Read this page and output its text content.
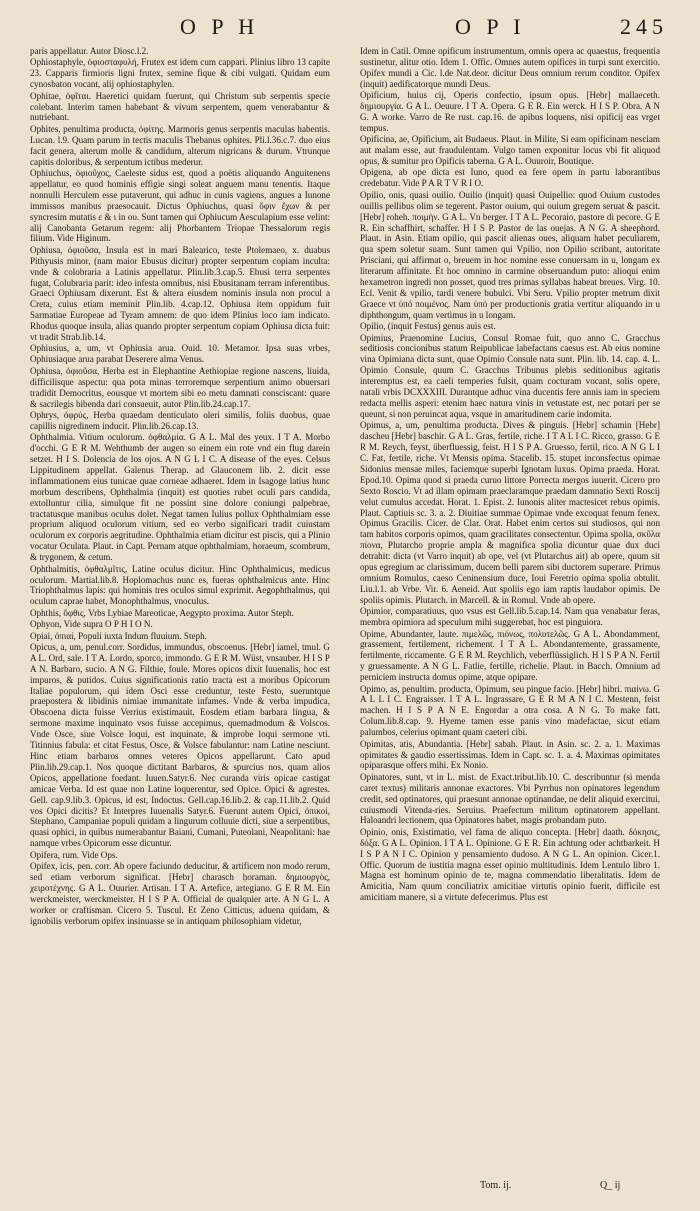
O P H	O P I	245

paris appellatur. Autor Diosc.l.2.

Ophiostaphyle, ὀφιοσταφυλή, Frutex est idem cum cappari. Plinius libro 13 capite 23. Capparis firmioris ligni frutex, semine fique & cibi vulgati. Quidam eum cynosbaton vocant, alij ophiostaphylen.

Ophitae, ὀφῖται. Haeretici quidam fuerunt, qui Christum sub serpentis specie colebant. Interim tamen habebant & vivum serpentem, quem venerabantur & nutriebant.

Ophites, penultima producta, ὀφίτης. Marmoris genus serpentis maculas habentis. Lucan. l.9. Quam parum in tectis maculis Thebanus ophites. Pli.l.36.c.7. duo eius facit genera, alterum molle & candidum, alterum nigricans & durum. Vtrunque capitis doloribus, & serpentum ictibus mederur.

Ophiuchus, ὀφιοῦχος, Caeleste sidus est, quod a poëtis aliquando Anguitenens appellatur, eo quod hominis effigie singi soleat anguem manu tenentis. Itaque nonnulli Herculem esse putaverunt, qui adhuc in cunis vagiens, angues a Iunone immissos manibus praesocauit. Dictus Ophiuchus, quasi ὄφιν ἔχων & per syncresim mutatis ε & ι in ου. Sunt tamen qui Ophiucum Aesculapium esse velint: alij Canobanta Getarum regem: alij Phorbantem Triopae Thessalorum regis filium. Vide Higinum.

Ophiusa, ὀφιοῦσα, Insula est in mari Balearico, teste Ptolemaeo, x. duabus Pithyusis minor, (nam maior Ebusus dicitur) propter serpentum copiam inculta: vnde & colobraria a Latinis appellatur. Plin.lib.3.cap.5. Ebusi terra serpentes fugat, Colubraria parit: ideo infesta omnibus, nisi Ebusitanam terram inferentibus. Graeci Ophiusam dixerunt. Est & altera eiusdem nominis insula non procul a Creta, cuius etiam meminit Plin.lib. 4.cap.12. Ophiusa item oppidum fuit Sarmatiae Europeae ad Tyram amnem: de quo idem Plinius loco iam indicato. Rhodus quoque insula, alias quando propter serpentum copiam Ophiusa dicta fuit: vt tradit Strab.lib.14.

Ophiusius, a, um, vt Ophiusia arua. Ouid. 10. Metamor. Ipsa suas vrbes, Ophiusiaque arua parabat Deserere alma Venus.

Ophiusa, ὀφιοῦσα, Herba est in Elephantine Aethiopiae regione nascens, liuida, difficilisque aspectu: qua pota minas terroremque serpentium animo obuersari tradidit Democritus, eousque vt mortem sibi eo metu damnati consciscant: quare & sacrilegis bibenda dari consueuit, autor Plin.lib.24.cap.17.

Ophrys, ὀφρύς, Herba quaedam denticulato oleri similis, foliis duobus, quae capillis nigredinem inducit. Plin.lib.26.cap.13.

Ophthalmia. Vitium oculorum. ὀφθαλμία. G A L. Mal des yeux. I T A. Morbo d'occhi. G E R M. Wehthumb der augen so einem ein rote vnd ein flug darein setzet. H I S. Dolencia de los ojos. A N G L I C. A disease of the eyes. Celsus Lippitudinem appellat. Galenus Therap. ad Glauconem lib. 2. dicit esse inflammationem eius tunicae quae corneae adhaeret. Idem in Isagoge latius hunc morbum describens, Ophthalmia (inquit) est quoties rubet oculi pars candida, extolluntur cilia, simulque fit ne possint sine dolore coniungi palpebrae, tractatusque manibus oculus dolet. Negat tamen Iulius pollux Ophthalmiam esse proprium aliquod oculorum vitium, sed eo verbo significari tradit cuiustam oculorum ex corporis aegritudine. Ophthalmia etiam dicitur est piscis, qui a Plinio vocatur Oculata. Plaut. in Capt. Pernam atque ophthalmiam, horaeum, scombrum, & trygonem, & cetum.

Ophthalmitis, ὀφθαλμῖτις, Latine oculus dicitur. Hinc Ophthalmicus, medicus oculorum. Martial.lib.8. Hoplomachus nunc es, fueras ophthalmicus ante. Hinc Triophthalmus lapis: qui hominis tres oculos simul exprimit. Aegophthalmus, qui oculum caprae habet, Monophthalmus, vnoculus.

Ophthis, ὄφθις, Vrbs Lybiae Mareoticae, Aegypto proxima. Autor Steph.

Ophyon, Vide supra O P H I O N.

Opiai, ὀπιαί, Populi iuxta Indum fluuium. Steph.

Opicus, a, um, penul.corr. Sordidus, immundus, obscoenus. [Hebr] iamel, tmul. G A L. Ord, sale. I T A. Lordo, sporco, immondo. G E R M. Wüst, vnsauber. H I S P A N. Barbaro, sucio. A N G. Filthie, foule. Mores opicos dixit Iuuenalis, hoc est impuros, & putidos. Cuius significationis ratio tracta est a moribus Opicorum Italiae populorum, qui idem Osci esse creduntur, teste Festo, sueruntque praepostera & libidinis nimiae immanitate infames. Vnde & verba impudica, Obscoena dicta fuisse Verrius existimauit. Eosdem etiam barbara lingua, & sermone maxime inquinato vsos fuisse accepimus, quemadmodum & Volscos. Vnde Osce, siue Volsce loqui, est inquinate, & improbe loqui sermone vti. Titinnius fabula: et citat Festus, Osce, & Volsce fabulantur: nam Latine nesciunt. Hinc etiam barbaros omnes veteres Opicos appellarunt. Cato apud Plin.lib.29.cap.1. Nos quoque dictitant Barbaros, & spurcius nos, quam alios Opicos, appellatione foedant. Iuuen.Satyr.6. Nec curanda viris opicae castigat amicae Verba. Id est quae non Latine loquerentur, sed Opice. Opici & agrestes. Gell. cap.9.lib.3. Opicus, id est, Indoctus. Gell.cap.16.lib.2. & cap.11.lib.2. Quid vos Opici dicitis? Et Interpres Iuuenalis Satyr.6. Fuerunt autem Opici, ὀπικοί, Stephano, Campaniae populi quidam a lingurum colluuie dicti, siue a serpentibus, quasi ophici, in quibus numerabantur Baiani, Cumani, Puteolani, Neapolitani: hae namque vrbes Opicorum esse dicuntur.

Opifera, rum. Vide Ops.

Opifex, icis, pen. corr. Ab opere faciundo deducitur, & artificem non modo rerum, sed etiam verborum significat. [Hebr] charasch ḥoraman. δημιουργὸς, χειροτέχνης. G A L. Ouurier. Artisan. I T A. Artefice, artegiano. G E R M. Ein werckmeister, werckmeister. H I S P A. Official de qualquier arte. A N G L. A worker or craftisman. Cicero 5. Tuscul. Et Zeno Citticus, aduena quidam, & ignobilis verborum opifex insinuasse se in antiquam philosophiam videtur,

Idem in Catil. Omne opificum instrumentum, omnis opera ac quaestus, frequentia sustinetur, alitur otio. Idem 1. Offic. Omnes autem opifices in turpi sunt exercitio. Opifex mundi a Cic. l.de Nat.deor. dicitur Deus omnium rerum conditor. Opifex (inquit) aedificatorque mundi Deus.

Opificium, huius cij, Operis confectio, ipsum opus. [Hebr] mallaeceth. δημιουργία. G A L. Oeuure. I T A. Opera. G E R. Ein werck. H I S P. Obra. A N G. A worke. Varro de Re rust. cap.16. de apibus loquens, nisi opificij eas vrget tempus.

Opificina, ae, Opificium, ait Budaeus. Plaut. in Milite, Si eam opificinam nesciam aut malam esse, aut fraudulentam. Vulgo tamen exponitur locus vbi fit aliquod opus, & sumitur pro Opificis taberna. G A L. Ouuroir, Boutique.

Opigena, ab ope dicta est Iuno, quod ea fere opem in partu laborantibus credebatur. Vide P A R T V R I O.

Opilio, onis, quasi ouilio. Ouilio (inquit) quasi Ouipellio: quod Ouium custodes ouillis pellibus olim se tegerent. Pastor ouium, qui ouium gregem seruat & pascit. [Hebr] roheh. ποιμὴν. G A L. Vn berger. I T A L. Pecoraio, pastore di pecore. G E R. Ein schaffhirt, schaffer. H I S P. Pastor de las ouejas. A N G. A sheephord. Plaut. in Asin. Etiam opilio, qui pascit alienas oues, aliquam habet peculiarem, qua spem soletur suam. Sunt tamen qui Vpilio, non Opilio scribant, autoritate Prisciani, qui affirmat o, breuem in hoc nomine esse conuersam in u, longam ex literarum affinitate. Et hoc omnino in carmine obseruandum puto: alioqui enim hexametron ingredi non posset, quod tres primas syllabas habeat breues. Virg. 10. Ecl. Venit & vpilio, tardi venere bubulci. Vbi Seru. Vpilio propter metrum dixit Graece vt ὑπό ποιμένος. Nam ὑπό per productionis gratia vertitur aliquando in u diphthongum, quam vertimus in u longam.

Opilio, (inquit Festus) genus auis est.

Opimius, Praenomine Lucius, Consul Romae fuit, quo anno C. Gracchus seditiosis concionibus statum Reipublicae labefactans caesus est. Ab eius nomine vina Opimiana dicta sunt, quae Opimio Consule nata sunt. Plin. lib. 14. cap. 4. L. Opimio Consule, quum C. Gracchus Tribunus plebis seditionibus agitatis interemptus est, ea caeli temperies fulsit, quam cocturam vocant, solis opere, natali vrbis DCXXXIII. Durantque adhuc vina ducentis fere annis iam in speciem redacta mellis asperi: etenim haec natura vinis in vetustate est, nec potari per se queunt, si non peruincat aqua, vsque in amaritudinem carie indomita.

Opimus, a, um, penultima producta. Dives & pinguis. [Hebr] schamin [Hebr] dascheu [Hebr] baschir. G A L. Gras, fertile, riche. I T A L I C. Ricco, grasso. G E R M. Reych, feyst, überfluessig, feist. H I S P A. Gruesso, fertil, rico. A N G L I C. Fat, fertile, riche. Vt Mensis opima. Stacelib. 15. stupet inconsfectus opimae Sidonius mensae miles, faciemque superbi Ignotam luxus. Opima praeda. Horat. Epod.10. Opima quod si praeda curuo littore Porrecta mergos iuuerit. Cicero pro Sexto Roscio. Vt ad illam opimam praeclaramque praedam damnatio Sexti Roscij velut cumulus accedat. Horat. 1. Epist. 2. Iunonis aliter mactesicet rebus opimis. Plaut. Captiuis sc. 3. a. 2. Diuitiae summae Opimae vnde excoquat fenum fenex. Opimus Gracilis. Cicer. de Clar. Orat. Habet enim certos sui studiosos, qui non tam habitos corporis opimos, quam gracilitates consectentur. Opima spolia, σκῦλα πίονα, Plutarcho proprie ampla & magnifica spolia dicuntur quae dux duci detrahit: dicta (vt Varro inquit) ab ope, vel (vt Plutarchus ait) ab opere, quum sit opus egregium ac clarissimum, ducem belli parem sibi ductorem superare. Primus omnium Romulus, caeso Ceninensium duce, Ioui Feretrio opima spolia obtulit. Liu.l.1. ab Vrbe. Vir. 6. Aeneid. Aut spoliis ego iam raptis laudabor opimis. De spoliis opimis. Plutarch. in Marcell. & in Romul. Vnde ab opere.

Opimior, comparatiuus, quo vsus est Gell.lib.5.cap.14. Nam qua venabatur feras, membra opimiora ad speculum mihi suggerebat, hoc est pinguiora.

Opime, Abundanter, laute. πιμελῶς, πιόνως, πολυτελῶς. G A L. Abondamment, grassement, fertilement, richement. I T A L. Abondantemente, grassamente, fertilmente, riccamente. G E R M. Reychlich, veberflüssiglich. H I S P A N. Fertil y gruessamente. A N G L. Fatlie, fertille, richelie. Plaut. in Bacch. Omnium ad perniciem instructa domus opime, atque opipare.

Opimo, as, penultim. producta, Opimum, seu pingue facio. [Hebr] hibri. πιαίνω. G A L L I C. Engraisser. I T A L. Ingrassare, G E R M A N I C. Mestenn, feist machen. H I S P A N E. Engordar a otra cosa. A N G. To make fatt. Colum.lib.8.cap. 9. Hyeme tamen esse panis vino madefactae, sicut etiam palumbos, celerius opimant quam caeteri cibi.

Opimitas, atis, Abundantia. [Hebr] sabah. Plaut. in Asin. sc. 2. a. 1. Maximas opimitates & gaudio essertissimas. Idem in Capt. sc. 1. a. 4. Maximas opimitates opiparasque offers mihi. Ex Nonio.

Opinatores, sunt, vt in L. mist. de Exact.tribut.lib.10. C. describuntur (si menda caret textus) militaris annonae exactores. Vbi Pyrrhus non opinatores legendum credit, sed optinatores, qui praesunt annonae optinandae, ne delit aliquid exercitui, cuiusmodi Vitenda-ries. Seruius. Praefectum militum optinatorem appellant. Haloandri lectionem, qua Opinatores habet, magis probandam puto.

Opinio, onis, Existimatio, vel fama de aliquo concepta. [Hebr] daath. δόκησις, δόξα. G A L. Opinion. I T A L. Opinione. G E R. Ein achtung oder achtbarkeit. H I S P A N I C. Opinion y pensamiento dudoso. A N G L. An opinion. Cicer.1. Offic. Quorum de iustitia magna esset opinio multitudinis. Idem Lentulo libro 1. Magna est hominum opinio de te, magna commendatio liberalitatis. Idem de Amicitia, Nam quum conciliatrix amicitiae virtutis opinio fuerit, difficile est amicitiam manere, si a virtute defecerimus. Plus est

Tom. ij.	Q_ ij
